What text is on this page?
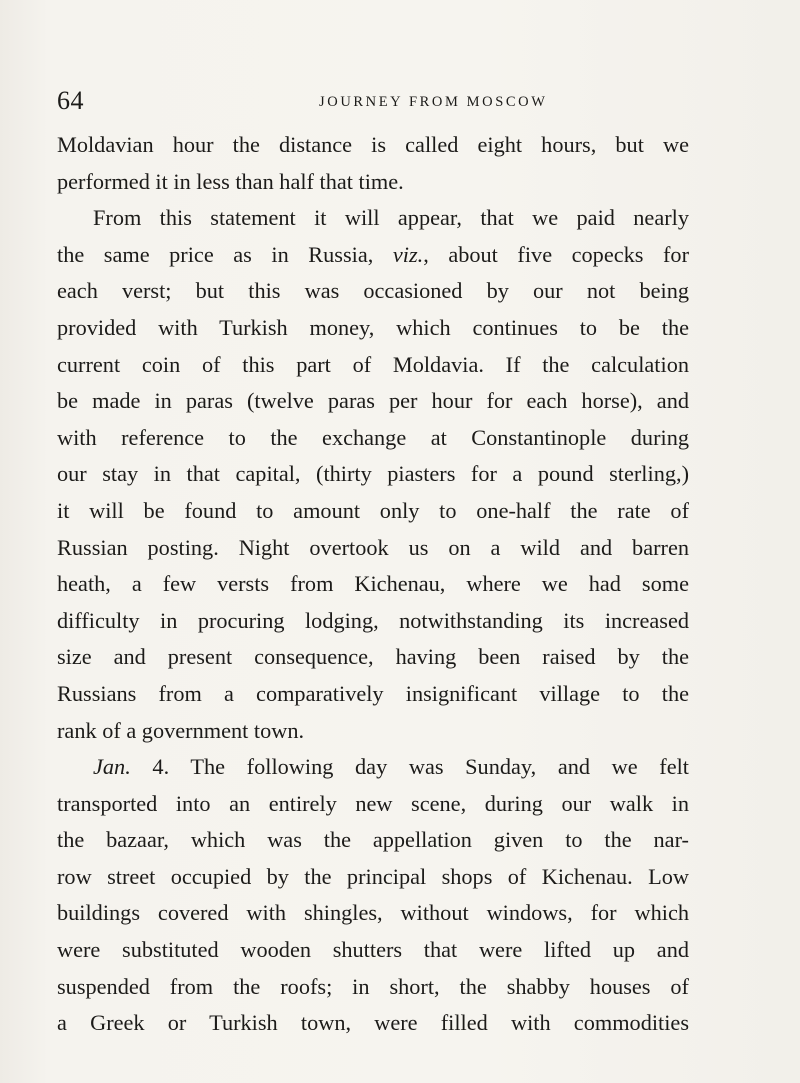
64	JOURNEY FROM MOSCOW
Moldavian hour the distance is called eight hours, but we
performed it in less than half that time.
From this statement it will appear, that we paid nearly
the same price as in Russia, viz., about five copecks for
each verst; but this was occasioned by our not being
provided with Turkish money, which continues to be the
current coin of this part of Moldavia. If the calculation
be made in paras (twelve paras per hour for each horse), and
with reference to the exchange at Constantinople during
our stay in that capital, (thirty piasters for a pound sterling,)
it will be found to amount only to one-half the rate of
Russian posting. Night overtook us on a wild and barren
heath, a few versts from Kichenau, where we had some
difficulty in procuring lodging, notwithstanding its increased
size and present consequence, having been raised by the
Russians from a comparatively insignificant village to the
rank of a government town.
Jan. 4. The following day was Sunday, and we felt
transported into an entirely new scene, during our walk in
the bazaar, which was the appellation given to the nar-
row street occupied by the principal shops of Kichenau. Low
buildings covered with shingles, without windows, for which
were substituted wooden shutters that were lifted up and
suspended from the roofs; in short, the shabby houses of
a Greek or Turkish town, were filled with commodities
